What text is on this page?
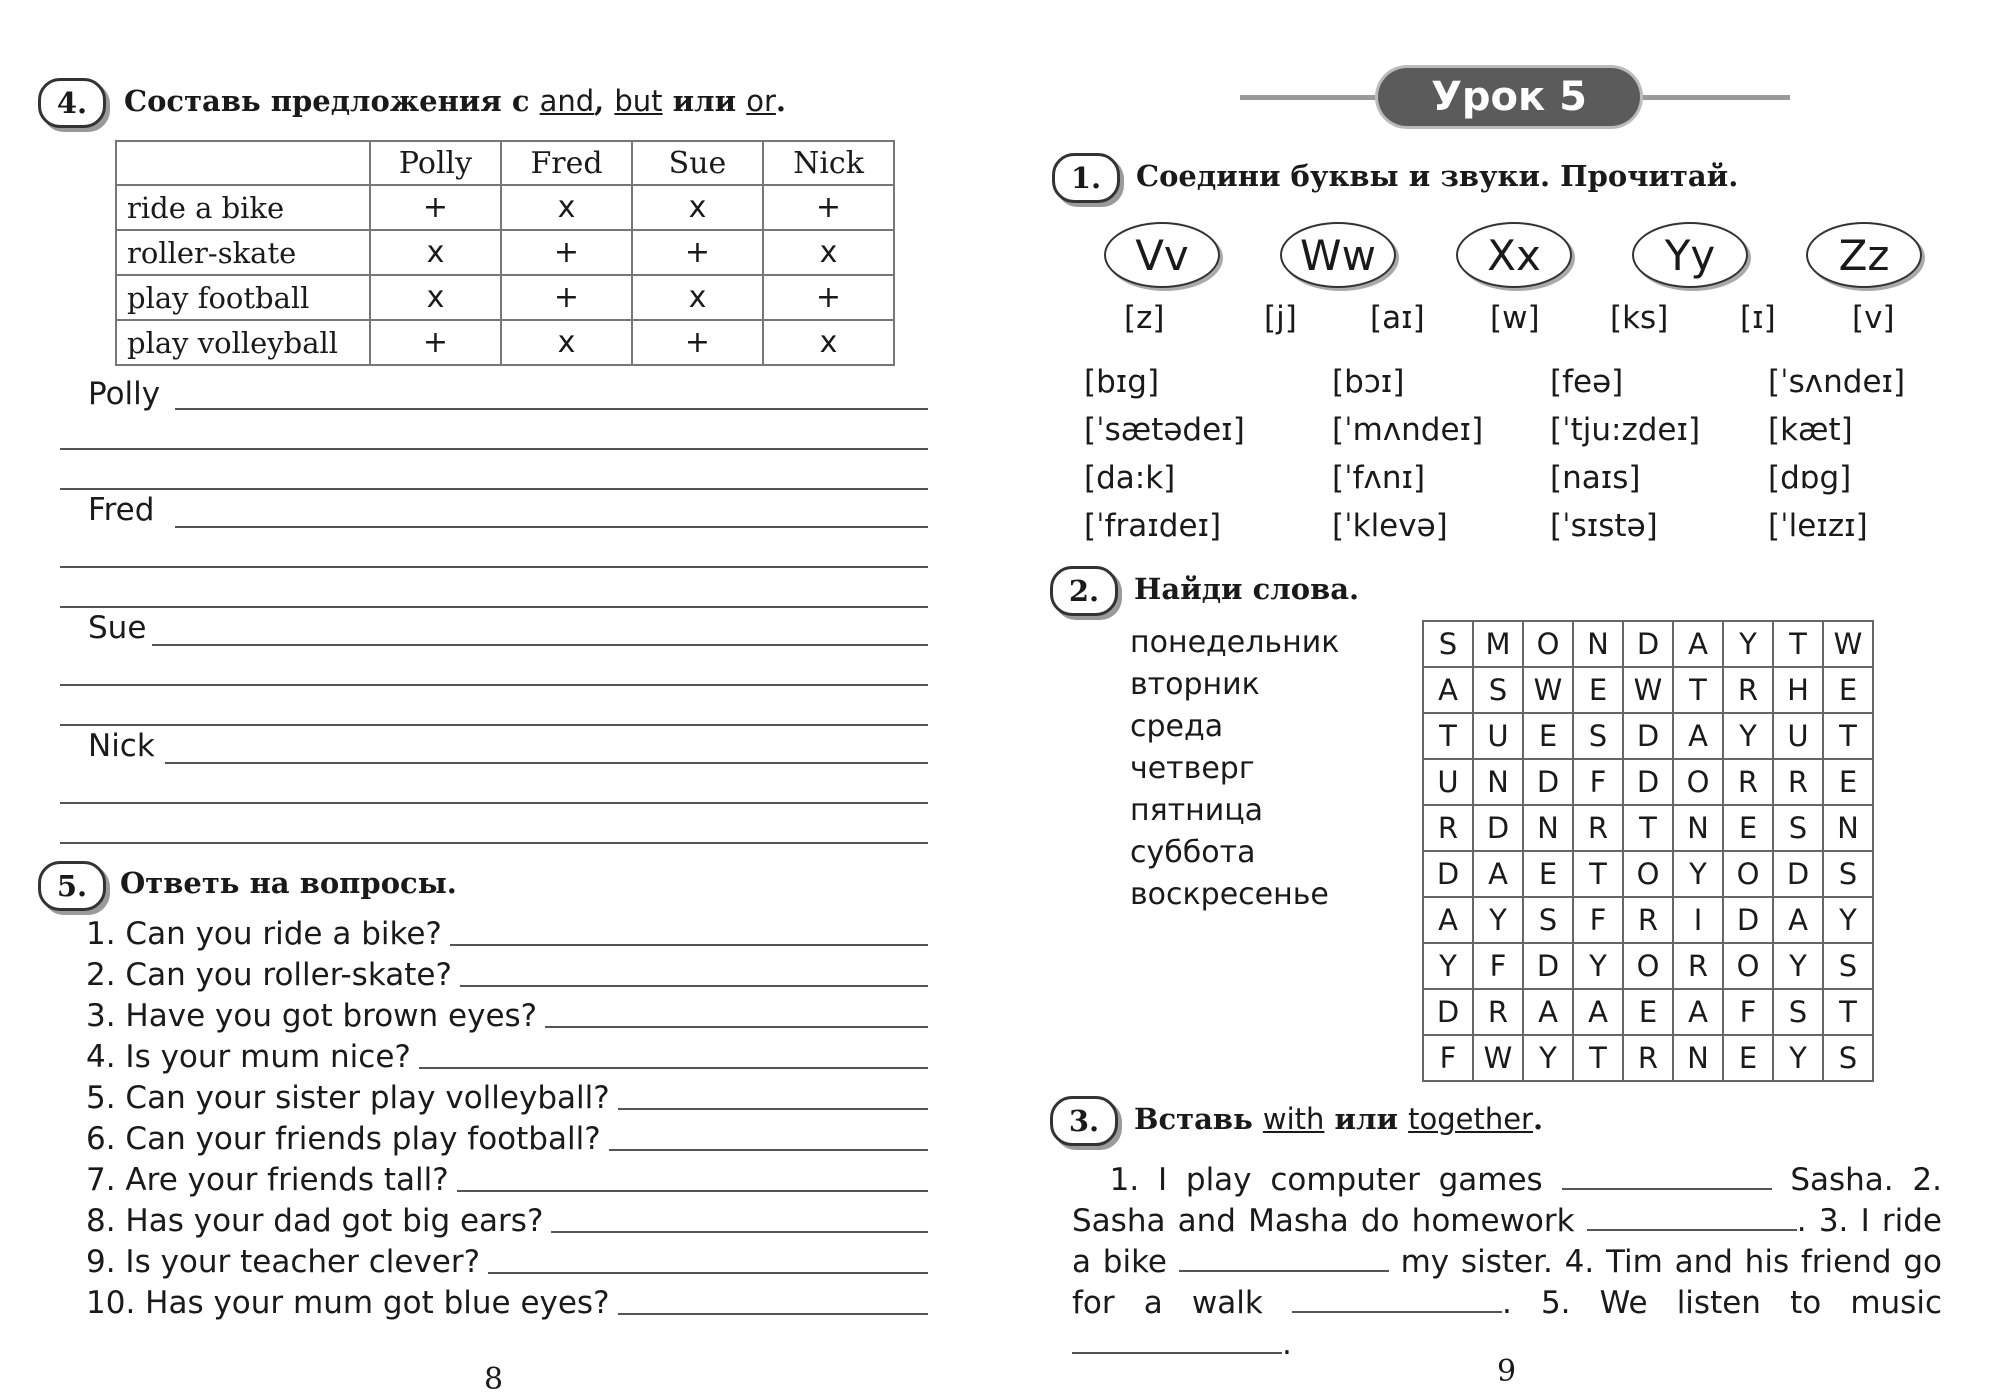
4.	Составь предложения с and, but или or.
	Polly	Fred	Sue	Nick
ride a bike	+	x	x	+
roller-skate	x	+	+	x
play football	x	+	x	+
play volleyball	+	x	+	x
Polly
Fred
Sue
Nick
5.	Ответь на вопросы.
1. Can you ride a bike?
2. Can you roller-skate?
3. Have you got brown eyes?
4. Is your mum nice?
5. Can your sister play volleyball?
6. Can your friends play football?
7. Are your friends tall?
8. Has your dad got big ears?
9. Is your teacher clever?
10. Has your mum got blue eyes?
8
Урок 5
1.	Соедини буквы и звуки. Прочитай.
Vv	Ww	Xx	Yy	Zz
[z]	[j] [aɪ] [w] [ks] [ɪ] [v]
[bɪg]	[bɔɪ]	[feə]	[ˈsʌndeɪ]
[ˈsætədeɪ]	[ˈmʌndeɪ] [ˈtju:zdeɪ] [kæt]
[da:k]	[ˈfʌnɪ]	[naɪs]	[dɒg]
[ˈfraɪdeɪ]	[ˈklevə]	[ˈsɪstə]	[ˈleɪzɪ]
2.	Найди слова.
понедельник
вторник
среда
четверг
пятница
суббота
воскресенье
S	M	O	N	D	A	Y	T	W
A	S	W	E	W	T	R	H	E
T	U	E	S	D	A	Y	U	T
U	N	D	F	D	O	R	R	E
R	D	N	R	T	N	E	S	N
D	A	E	T	O	Y	O	D	S
A	Y	S	F	R	I	D	A	Y
Y	F	D	Y	O	R	O	Y	S
D	R	A	A	E	A	F	S	T
F	W	Y	T	R	N	E	Y	S
3.	Вставь with или together.
1. I play computer games	Sasha. 2. Sasha and Masha do homework	. 3. I ride a bike	my sister. 4. Tim and his friend go for a walk	. 5. We listen to music .
9
